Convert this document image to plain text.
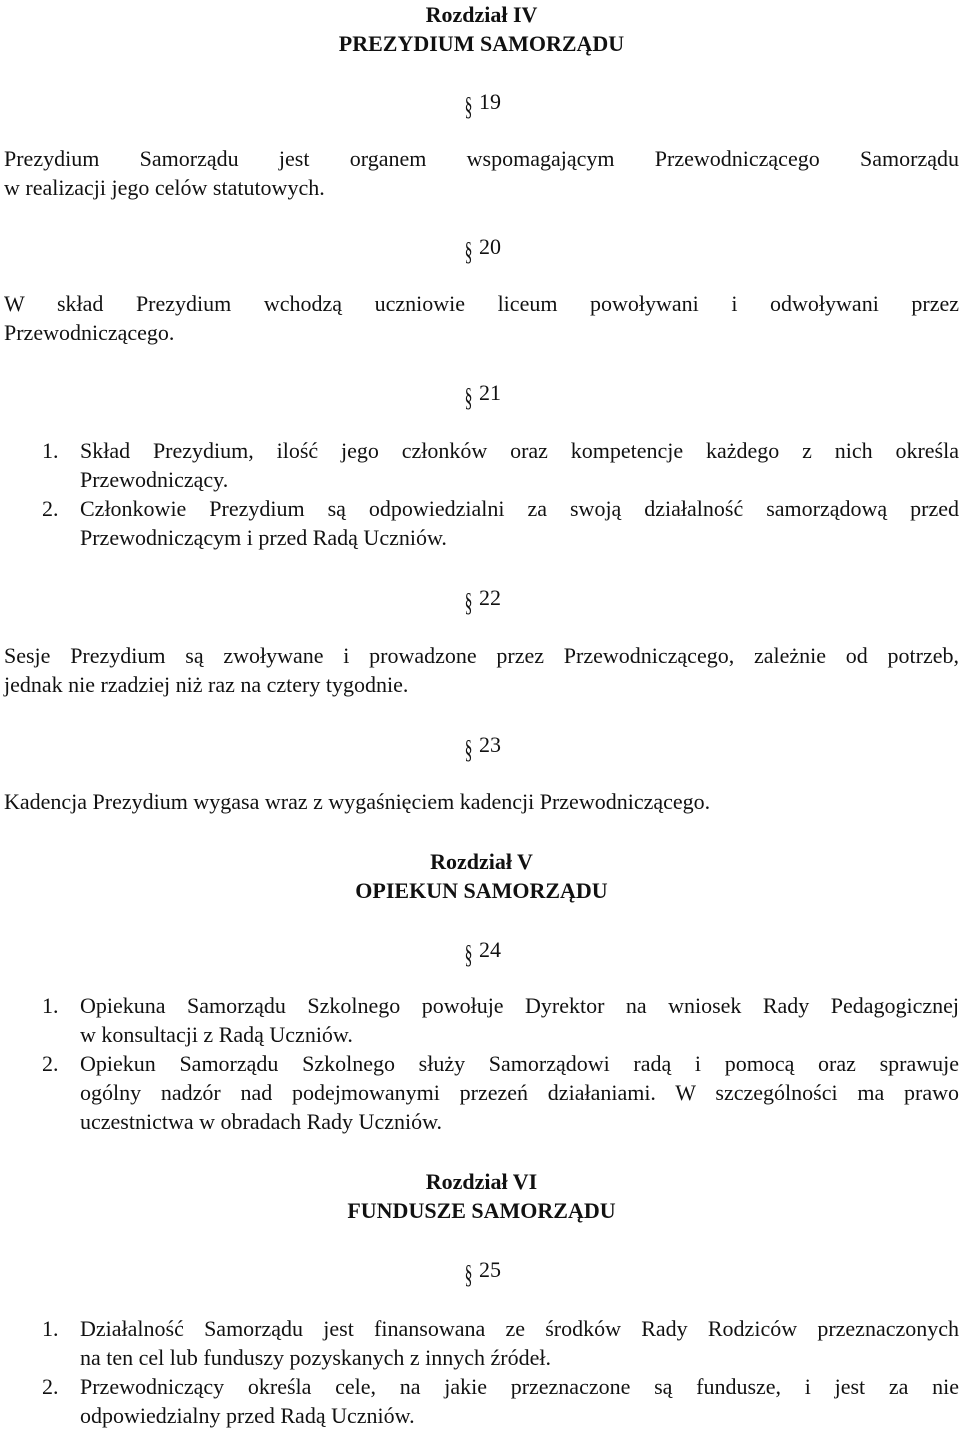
Rozdział IV
PREZYDIUM SAMORZĄDU
§ 19

Prezydium Samorządu jest organem wspomagającym Przewodniczącego Samorządu

w realizacji jego celów statutowych.

§ 20

W skład Prezydium wchodzą uczniowie liceum powoływani i odwoływani przez

Przewodniczącego.

§ 21
1. Skład Prezydium, ilość jego członków oraz kompetencje każdego z nich określa
Przewodniczący.
2. Członkowie Prezydium są odpowiedzialni za swoją działalność samorządową przed
Przewodniczącym i przed Radą Uczniów.
§ 22

Sesje Prezydium są zwoływane i prowadzone przez Przewodniczącego, zależnie od potrzeb,

jednak nie rzadziej niż raz na cztery tygodnie.

§ 23

Kadencja Prezydium wygasa wraz z wygaśnięciem kadencji Przewodniczącego.

Rozdział V
OPIEKUN SAMORZĄDU
§ 24
1. Opiekuna Samorządu Szkolnego powołuje Dyrektor na wniosek Rady Pedagogicznej
w konsultacji z Radą Uczniów.
2. Opiekun Samorządu Szkolnego służy Samorządowi radą i pomocą oraz sprawuje
ogólny nadzór nad podejmowanymi przezeń działaniami. W szczególności ma prawo
uczestnictwa w obradach Rady Uczniów.
Rozdział VI
FUNDUSZE SAMORZĄDU
§ 25
1. Działalność Samorządu jest finansowana ze środków Rady Rodziców przeznaczonych
na ten cel lub funduszy pozyskanych z innych źródeł.
2. Przewodniczący określa cele, na jakie przeznaczone są fundusze, i jest za nie
odpowiedzialny przed Radą Uczniów.
